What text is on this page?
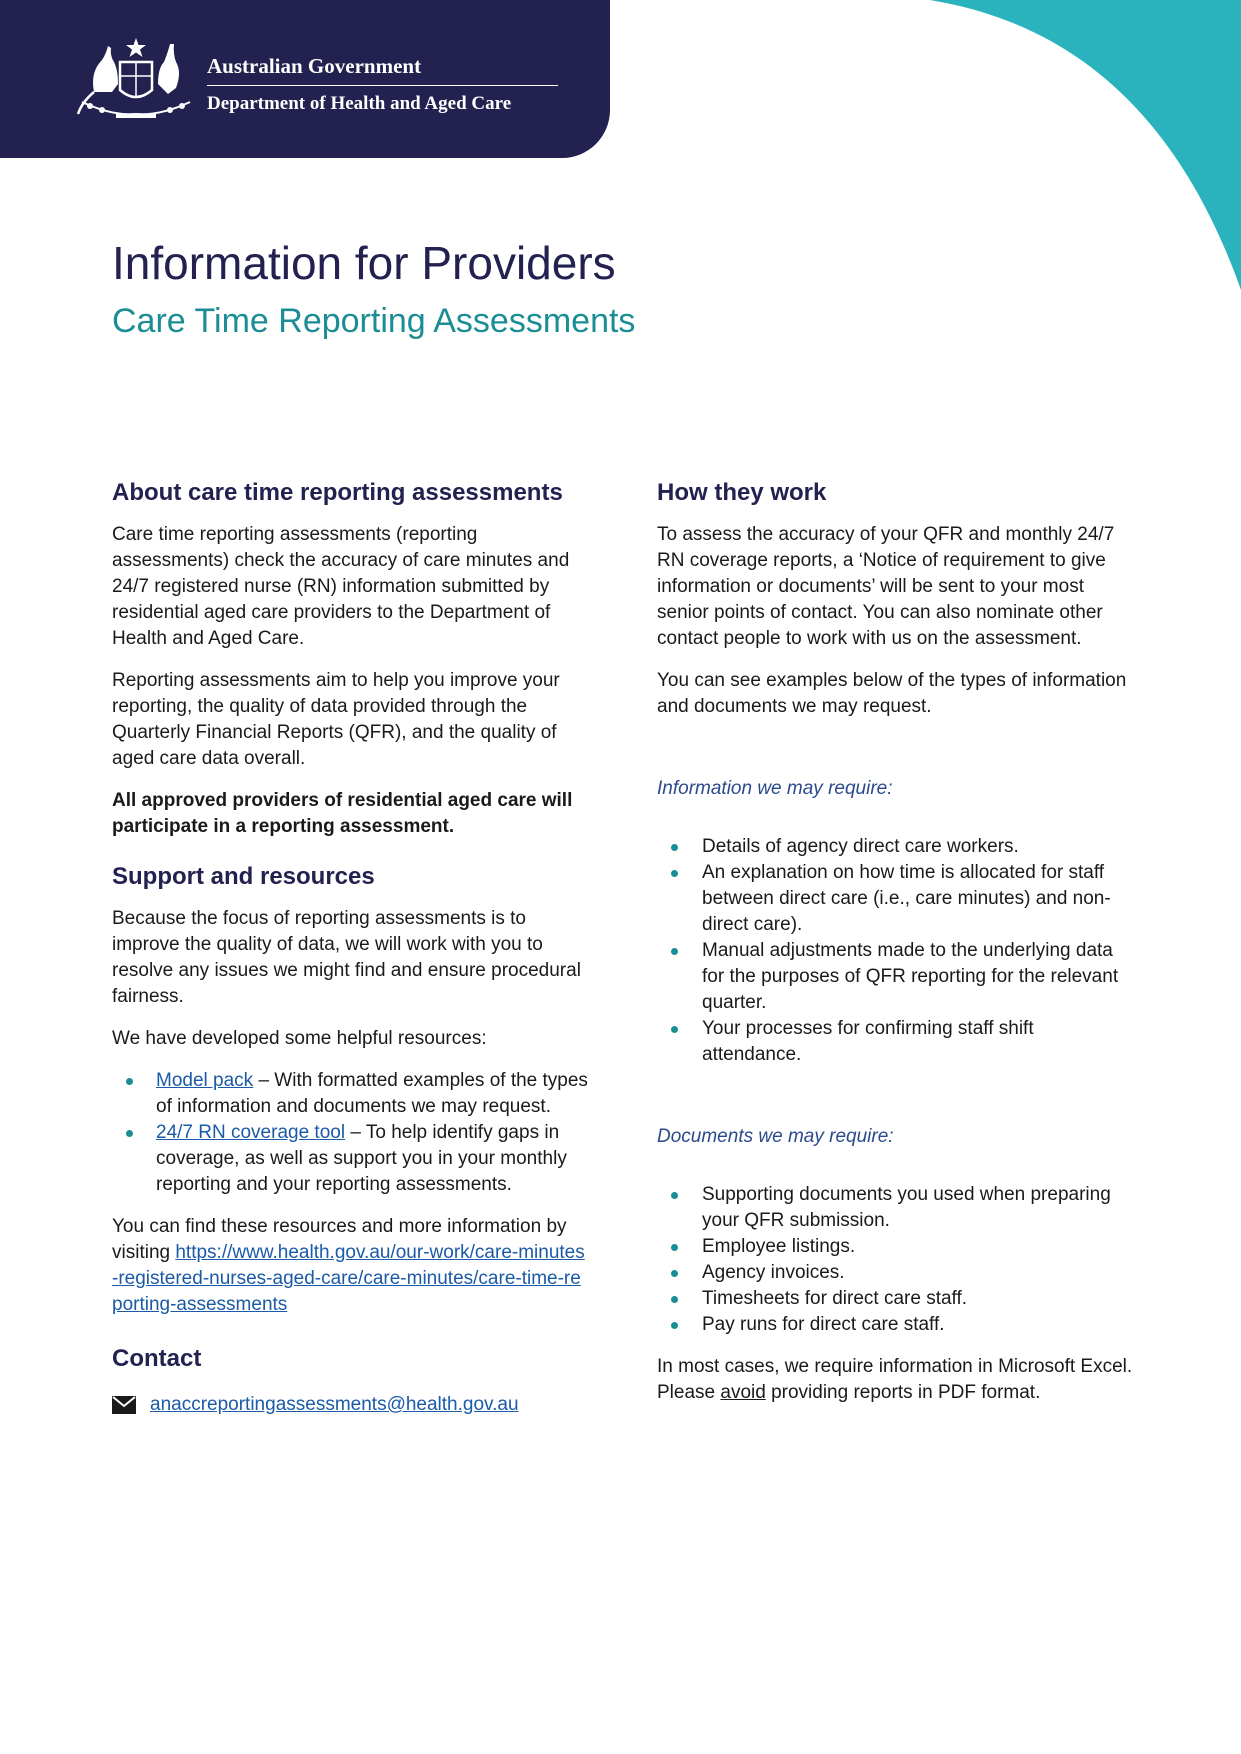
Australian Government
Department of Health and Aged Care
Information for Providers
Care Time Reporting Assessments
About care time reporting assessments

Care time reporting assessments (reporting assessments) check the accuracy of care minutes and 24/7 registered nurse (RN) information submitted by residential aged care providers to the Department of Health and Aged Care.

Reporting assessments aim to help you improve your reporting, the quality of data provided through the Quarterly Financial Reports (QFR), and the quality of aged care data overall.

All approved providers of residential aged care will participate in a reporting assessment.

Support and resources

Because the focus of reporting assessments is to improve the quality of data, we will work with you to resolve any issues we might find and ensure procedural fairness.

We have developed some helpful resources:

Model pack – With formatted examples of the types of information and documents we may request.
24/7 RN coverage tool – To help identify gaps in coverage, as well as support you in your monthly reporting and your reporting assessments.

You can find these resources and more information by visiting https://www.health.gov.au/our-work/care-minutes-registered-nurses-aged-care/care-minutes/care-time-reporting-assessments

Contact
anaccreportingassessments@health.gov.au
How they work

To assess the accuracy of your QFR and monthly 24/7 RN coverage reports, a ‘Notice of requirement to give information or documents’ will be sent to your most senior points of contact. You can also nominate other contact people to work with us on the assessment.

You can see examples below of the types of information and documents we may request.

Information we may require:

Details of agency direct care workers.
An explanation on how time is allocated for staff between direct care (i.e., care minutes) and non-direct care).
Manual adjustments made to the underlying data for the purposes of QFR reporting for the relevant quarter.
Your processes for confirming staff shift attendance.

Documents we may require:

Supporting documents you used when preparing your QFR submission.
Employee listings.
Agency invoices.
Timesheets for direct care staff.
Pay runs for direct care staff.

In most cases, we require information in Microsoft Excel. Please avoid providing reports in PDF format.
